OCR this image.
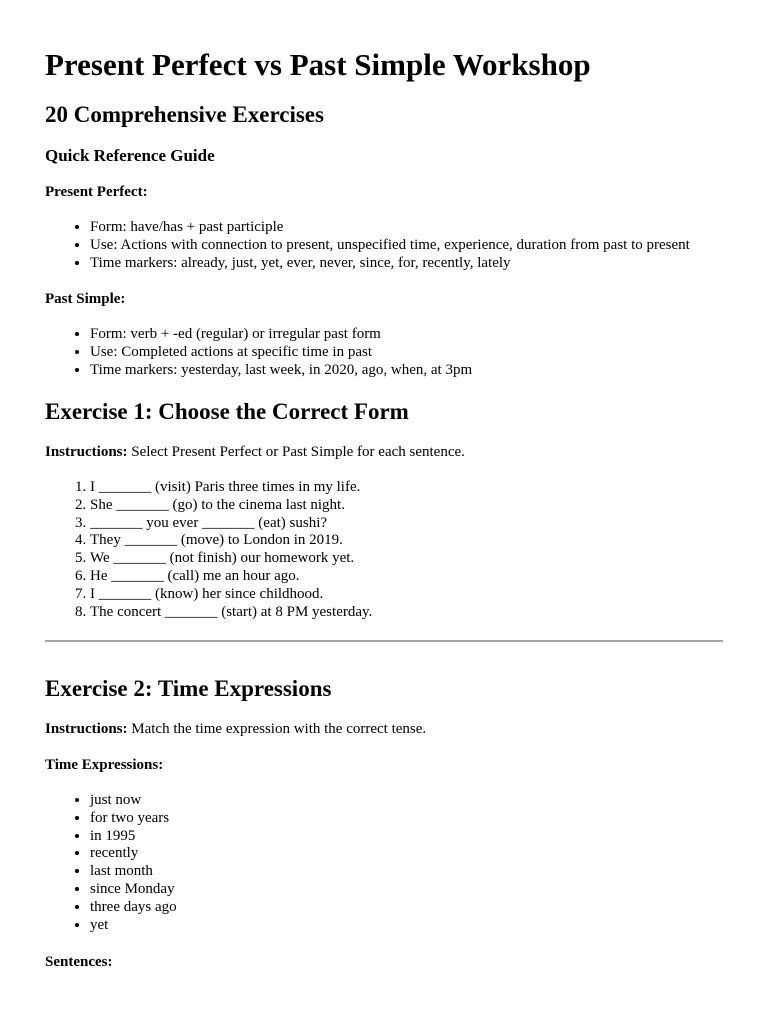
Present Perfect vs Past Simple Workshop
20 Comprehensive Exercises
Quick Reference Guide

Present Perfect:

• Form: have/has + past participle
• Use: Actions with connection to present, unspecified time, experience, duration from past to present
• Time markers: already, just, yet, ever, never, since, for, recently, lately

Past Simple:

• Form: verb + -ed (regular) or irregular past form
• Use: Completed actions at specific time in past
• Time markers: yesterday, last week, in 2020, ago, when, at 3pm
Exercise 1: Choose the Correct Form

Instructions: Select Present Perfect or Past Simple for each sentence.

1. I _______ (visit) Paris three times in my life.
2. She _______ (go) to the cinema last night.
3. _______ you ever _______ (eat) sushi?
4. They _______ (move) to London in 2019.
5. We _______ (not finish) our homework yet.
6. He _______ (call) me an hour ago.
7. I _______ (know) her since childhood.
8. The concert _______ (start) at 8 PM yesterday.
Exercise 2: Time Expressions

Instructions: Match the time expression with the correct tense.

Time Expressions:

• just now
• for two years
• in 1995
• recently
• last month
• since Monday
• three days ago
• yet

Sentences:
